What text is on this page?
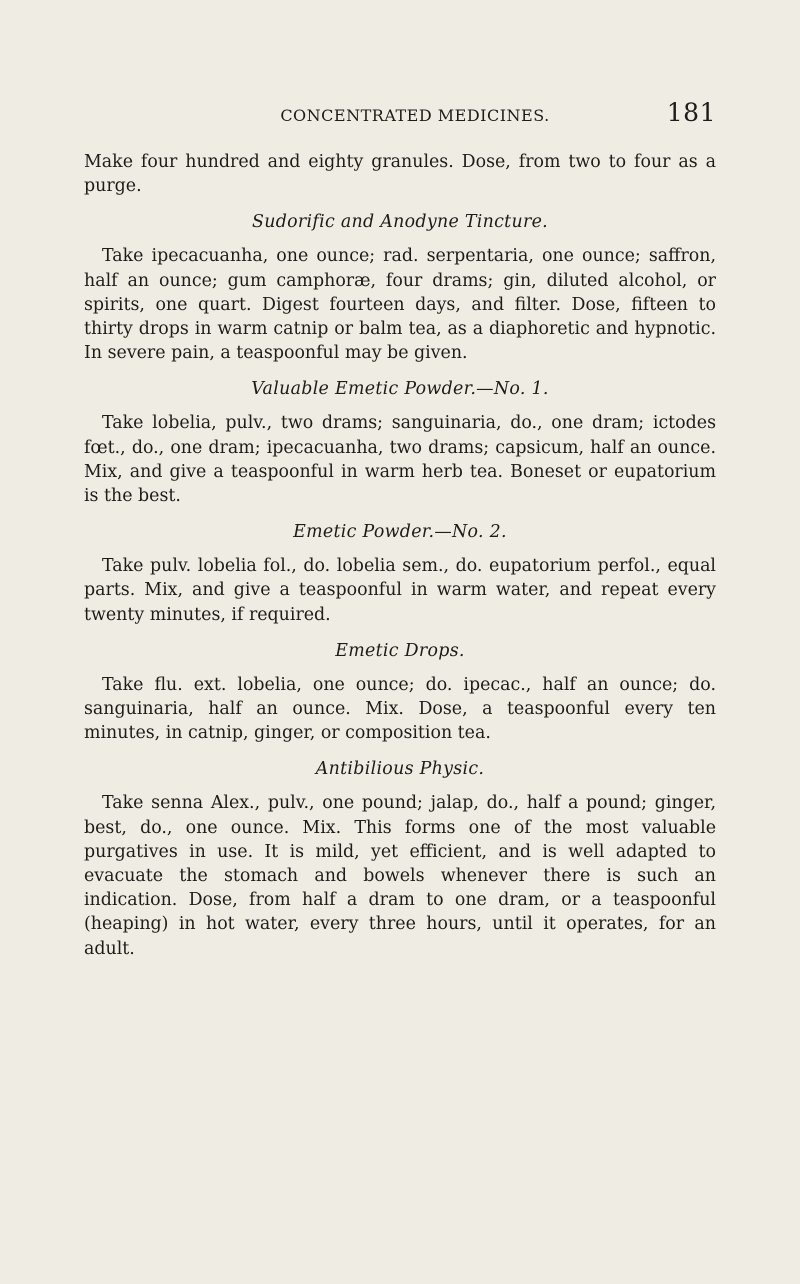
CONCENTRATED MEDICINES.	181

Make four hundred and eighty granules. Dose, from two to four as a purge.

Sudorific and Anodyne Tincture.

Take ipecacuanha, one ounce; rad. serpentaria, one ounce; saffron, half an ounce; gum camphoræ, four drams; gin, diluted alcohol, or spirits, one quart. Digest fourteen days, and filter. Dose, fifteen to thirty drops in warm catnip or balm tea, as a diaphoretic and hypnotic. In severe pain, a teaspoonful may be given.

Valuable Emetic Powder.—No. 1.

Take lobelia, pulv., two drams; sanguinaria, do., one dram; ictodes fœt., do., one dram; ipecacuanha, two drams; capsicum, half an ounce. Mix, and give a teaspoonful in warm herb tea. Boneset or eupatorium is the best.

Emetic Powder.—No. 2.

Take pulv. lobelia fol., do. lobelia sem., do. eupatorium perfol., equal parts. Mix, and give a teaspoonful in warm water, and repeat every twenty minutes, if required.

Emetic Drops.

Take flu. ext. lobelia, one ounce; do. ipecac., half an ounce; do. sanguinaria, half an ounce. Mix. Dose, a teaspoonful every ten minutes, in catnip, ginger, or composition tea.

Antibilious Physic.

Take senna Alex., pulv., one pound; jalap, do., half a pound; ginger, best, do., one ounce. Mix. This forms one of the most valuable purgatives in use. It is mild, yet efficient, and is well adapted to evacuate the stomach and bowels whenever there is such an indication. Dose, from half a dram to one dram, or a teaspoonful (heaping) in hot water, every three hours, until it operates, for an adult.
